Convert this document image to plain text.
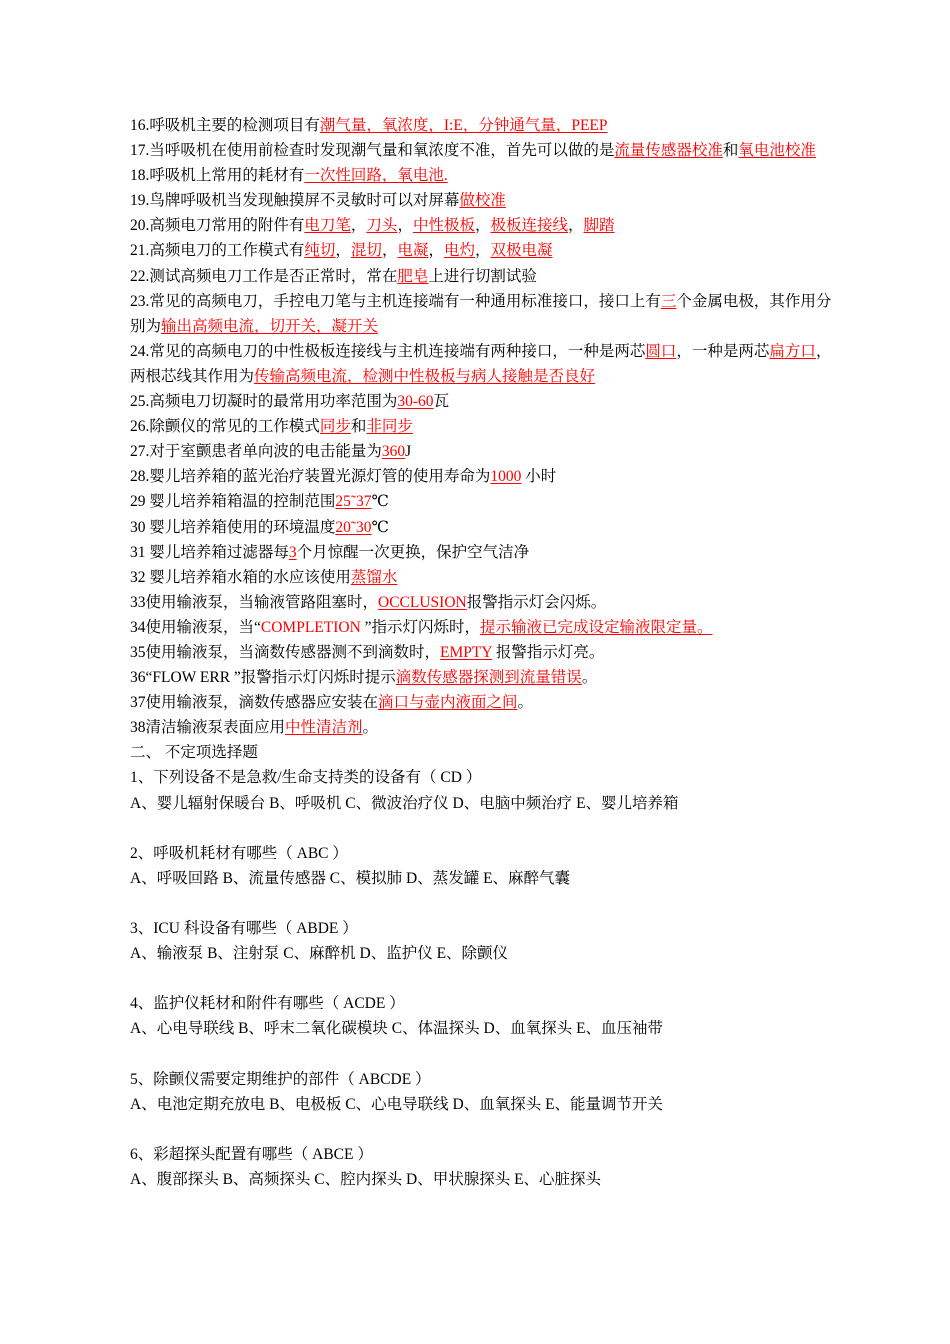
16.呼吸机主要的检测项目有潮气量，氧浓度，I:E，分钟通气量，PEEP
17.当呼吸机在使用前检查时发现潮气量和氧浓度不准，首先可以做的是流量传感器校准和氧电池校准
18.呼吸机上常用的耗材有一次性回路，氧电池.
19.鸟牌呼吸机当发现触摸屏不灵敏时可以对屏幕做校准
20.高频电刀常用的附件有电刀笔，刀头，中性极板，极板连接线，脚踏
21.高频电刀的工作模式有纯切，混切，电凝，电灼，双极电凝
22.测试高频电刀工作是否正常时，常在肥皂上进行切割试验
23.常见的高频电刀，手控电刀笔与主机连接端有一种通用标准接口，接口上有三个金属电极，其作用分别为输出高频电流，切开关，凝开关
24.常见的高频电刀的中性极板连接线与主机连接端有两种接口，一种是两芯圆口，一种是两芯扁方口，两根芯线其作用为传输高频电流，检测中性极板与病人接触是否良好
25.高频电刀切凝时的最常用功率范围为30-60瓦
26.除颤仪的常见的工作模式同步和非同步
27.对于室颤患者单向波的电击能量为360J
28.婴儿培养箱的蓝光治疗装置光源灯管的使用寿命为1000 小时
29 婴儿培养箱箱温的控制范围25˜37℃
30 婴儿培养箱使用的环境温度20˜30℃
31 婴儿培养箱过滤器每3个月惊醒一次更换，保护空气洁净
32 婴儿培养箱水箱的水应该使用蒸馏水
33使用输液泵，当输液管路阻塞时，OCCLUSION报警指示灯会闪烁。
34使用输液泵，当“COMPLETION ”指示灯闪烁时，提示输液已完成设定输液限定量。
35使用输液泵，当滴数传感器测不到滴数时，EMPTY 报警指示灯亮。
36“FLOW ERR ”报警指示灯闪烁时提示滴数传感器探测到流量错误。
37使用输液泵，滴数传感器应安装在滴口与壶内液面之间。
38清洁输液泵表面应用中性清洁剂。
二、 不定项选择题
1、下列设备不是急救/生命支持类的设备有（ CD ）
A、婴儿辐射保暖台 B、呼吸机 C、微波治疗仪 D、电脑中频治疗 E、婴儿培养箱
2、呼吸机耗材有哪些（ ABC ）
A、呼吸回路 B、流量传感器 C、模拟肺 D、蒸发罐 E、麻醉气囊
3、ICU 科设备有哪些（ ABDE ）
A、输液泵 B、注射泵 C、麻醉机 D、监护仪 E、除颤仪
4、监护仪耗材和附件有哪些（ ACDE ）
A、心电导联线 B、呼末二氧化碳模块 C、体温探头 D、血氧探头 E、血压袖带
5、除颤仪需要定期维护的部件（ ABCDE ）
A、电池定期充放电 B、电极板 C、心电导联线 D、血氧探头 E、能量调节开关
6、彩超探头配置有哪些（ ABCE ）
A、腹部探头 B、高频探头 C、腔内探头 D、甲状腺探头 E、心脏探头
